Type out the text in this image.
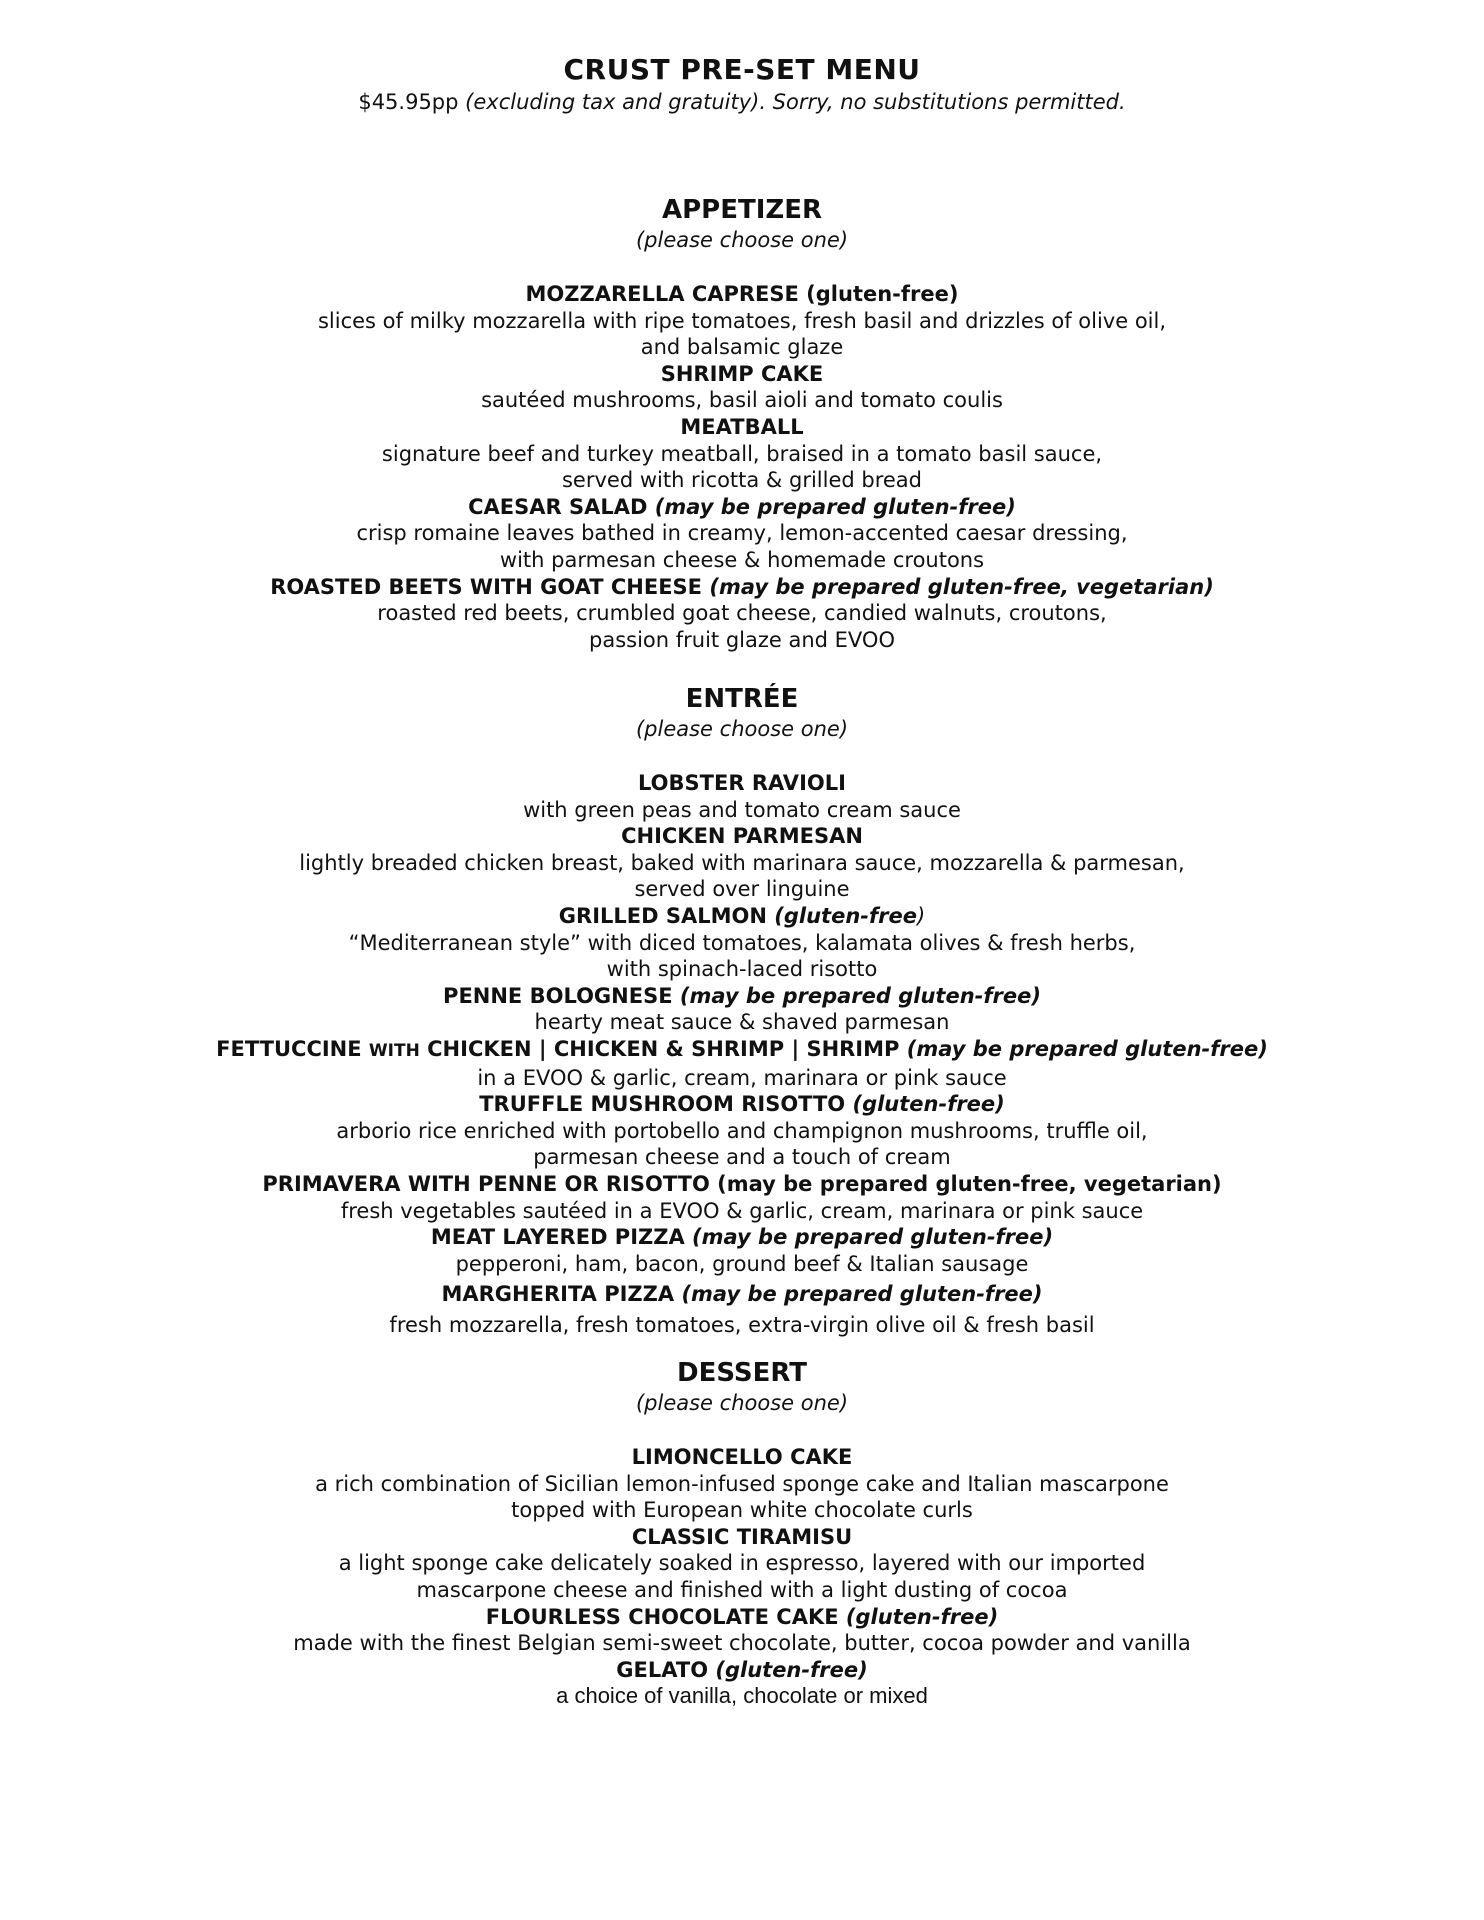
CRUST PRE-SET MENU
$45.95pp (excluding tax and gratuity). Sorry, no substitutions permitted.
APPETIZER
(please choose one)
MOZZARELLA CAPRESE (gluten-free)
slices of milky mozzarella with ripe tomatoes, fresh basil and drizzles of olive oil,
and balsamic glaze
SHRIMP CAKE
sautéed mushrooms, basil aioli and tomato coulis
MEATBALL
signature beef and turkey meatball, braised in a tomato basil sauce,
served with ricotta & grilled bread
CAESAR SALAD (may be prepared gluten-free)
crisp romaine leaves bathed in creamy, lemon-accented caesar dressing,
with parmesan cheese & homemade croutons
ROASTED BEETS WITH GOAT CHEESE (may be prepared gluten-free, vegetarian)
roasted red beets, crumbled goat cheese, candied walnuts, croutons,
passion fruit glaze and EVOO
ENTRÉE
(please choose one)
LOBSTER RAVIOLI
with green peas and tomato cream sauce
CHICKEN PARMESAN
lightly breaded chicken breast, baked with marinara sauce, mozzarella & parmesan,
served over linguine
GRILLED SALMON (gluten-free)
“Mediterranean style” with diced tomatoes, kalamata olives & fresh herbs,
with spinach-laced risotto
PENNE BOLOGNESE (may be prepared gluten-free)
hearty meat sauce & shaved parmesan
FETTUCCINE WITH CHICKEN | CHICKEN & SHRIMP | SHRIMP (may be prepared gluten-free)
in a EVOO & garlic, cream, marinara or pink sauce
TRUFFLE MUSHROOM RISOTTO (gluten-free)
arborio rice enriched with portobello and champignon mushrooms, truffle oil,
parmesan cheese and a touch of cream
PRIMAVERA WITH PENNE OR RISOTTO (may be prepared gluten-free, vegetarian)
fresh vegetables sautéed in a EVOO & garlic, cream, marinara or pink sauce
MEAT LAYERED PIZZA (may be prepared gluten-free)
pepperoni, ham, bacon, ground beef & Italian sausage
MARGHERITA PIZZA (may be prepared gluten-free)
fresh mozzarella, fresh tomatoes, extra-virgin olive oil & fresh basil
DESSERT
(please choose one)
LIMONCELLO CAKE
a rich combination of Sicilian lemon-infused sponge cake and Italian mascarpone
topped with European white chocolate curls
CLASSIC TIRAMISU
a light sponge cake delicately soaked in espresso, layered with our imported
mascarpone cheese and finished with a light dusting of cocoa
FLOURLESS CHOCOLATE CAKE (gluten-free)
made with the finest Belgian semi-sweet chocolate, butter, cocoa powder and vanilla
GELATO (gluten-free)
a choice of vanilla, chocolate or mixed
